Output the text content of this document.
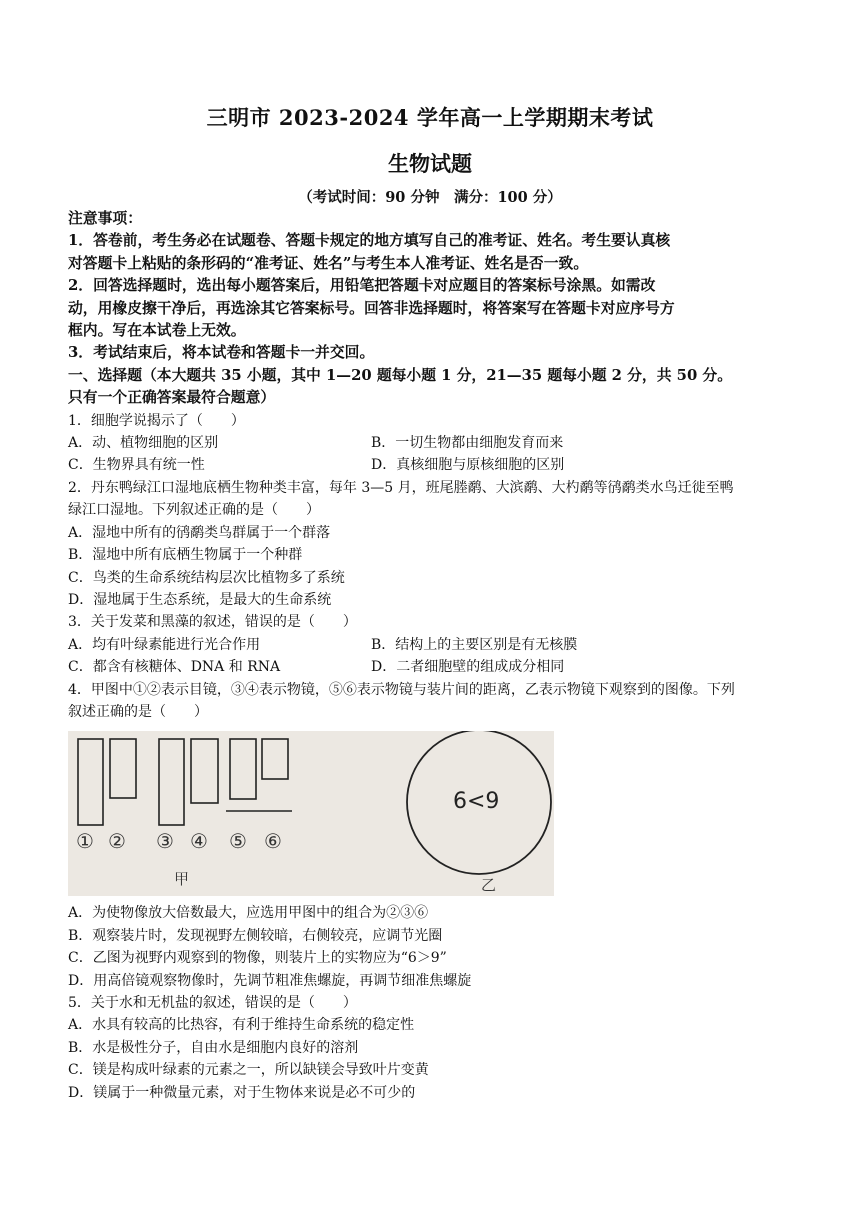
三明市 2023-2024 学年高一上学期期末考试
生物试题
（考试时间：90 分钟　满分：100 分）
注意事项：
1．答卷前，考生务必在试题卷、答题卡规定的地方填写自己的准考证、姓名。考生要认真核
对答题卡上粘贴的条形码的“准考证、姓名”与考生本人准考证、姓名是否一致。
2．回答选择题时，选出每小题答案后，用铅笔把答题卡对应题目的答案标号涂黑。如需改
动，用橡皮擦干净后，再选涂其它答案标号。回答非选择题时，将答案写在答题卡对应序号方
框内。写在本试卷上无效。
3．考试结束后，将本试卷和答题卡一并交回。
一、选择题（本大题共 35 小题，其中 1—20 题每小题 1 分，21—35 题每小题 2 分，共 50 分。
只有一个正确答案最符合题意）
1．细胞学说揭示了（　　）
A．动、植物细胞的区别	B．一切生物都由细胞发育而来
C．生物界具有统一性	D．真核细胞与原核细胞的区别
2．丹东鸭绿江口湿地底栖生物种类丰富，每年 3—5 月，班尾塍鹬、大滨鹬、大杓鹬等鸻鹬类水鸟迁徙至鸭
绿江口湿地。下列叙述正确的是（　　）
A．湿地中所有的鸻鹬类鸟群属于一个群落
B．湿地中所有底栖生物属于一个种群
C．鸟类的生命系统结构层次比植物多了系统
D．湿地属于生态系统，是最大的生命系统
3．关于发菜和黑藻的叙述，错误的是（　　）
A．均有叶绿素能进行光合作用	B．结构上的主要区别是有无核膜
C．都含有核糖体、DNA 和 RNA	D．二者细胞壁的组成成分相同
4．甲图中①②表示目镜，③④表示物镜，⑤⑥表示物镜与装片间的距离，乙表示物镜下观察到的图像。下列
叙述正确的是（　　）
① ② ③ ④ ⑤ ⑥
甲
6<9
乙
A．为使物像放大倍数最大，应选用甲图中的组合为②③⑥
B．观察装片时，发现视野左侧较暗，右侧较亮，应调节光圈
C．乙图为视野内观察到的物像，则装片上的实物应为“6＞9”
D．用高倍镜观察物像时，先调节粗准焦螺旋，再调节细准焦螺旋
5．关于水和无机盐的叙述，错误的是（　　）
A．水具有较高的比热容，有利于维持生命系统的稳定性
B．水是极性分子，自由水是细胞内良好的溶剂
C．镁是构成叶绿素的元素之一，所以缺镁会导致叶片变黄
D．镁属于一种微量元素，对于生物体来说是必不可少的
